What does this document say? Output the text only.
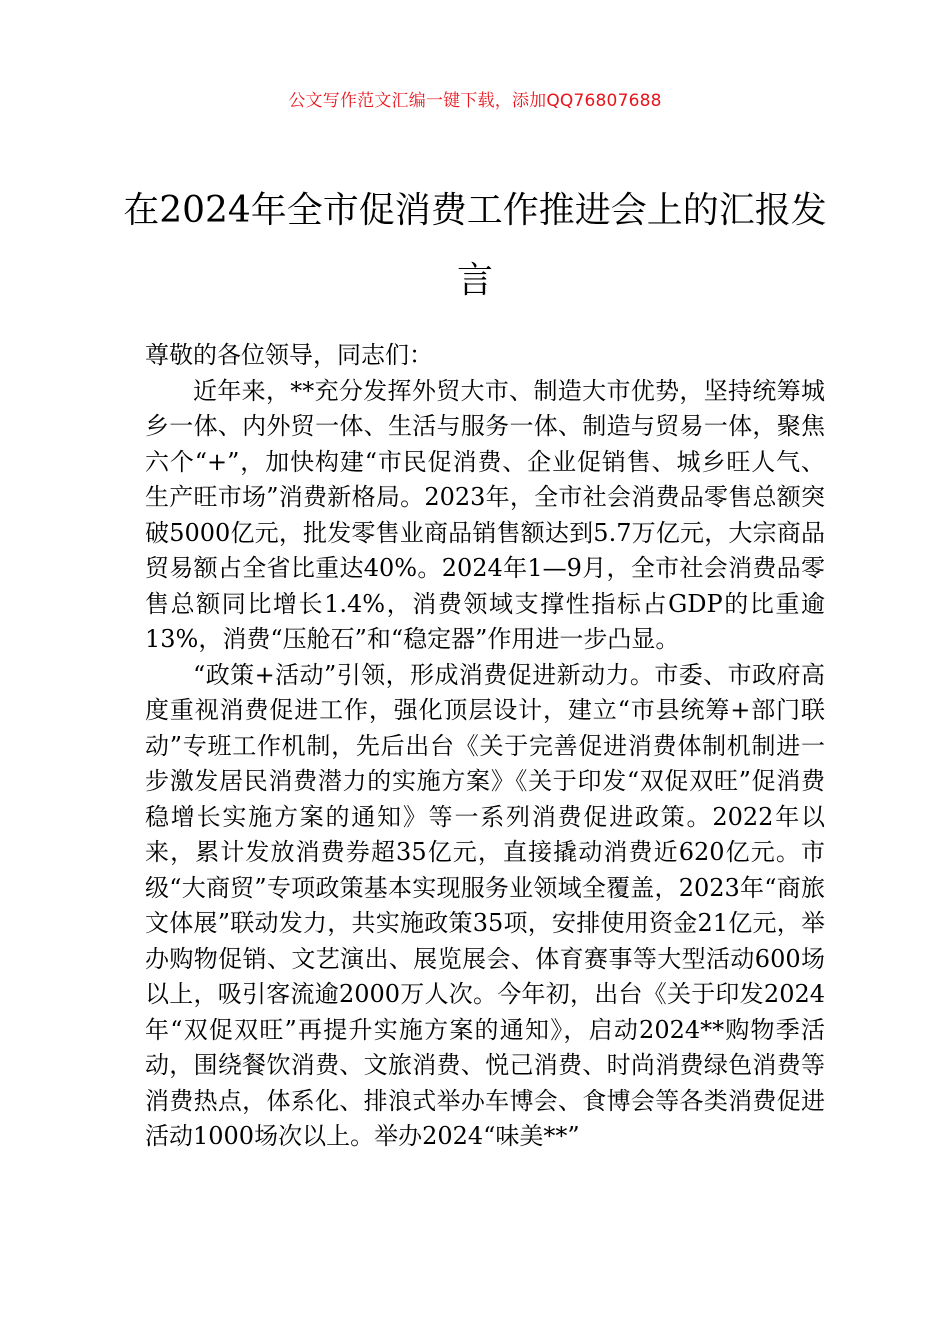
公文写作范文汇编一键下载，添加QQ76807688
在2024年全市促消费工作推进会上的汇报发言

尊敬的各位领导，同志们：

近年来，**充分发挥外贸大市、制造大市优势，坚持统筹城乡一体、内外贸一体、生活与服务一体、制造与贸易一体，聚焦六个“+”，加快构建“市民促消费、企业促销售、城乡旺人气、生产旺市场”消费新格局。2023年，全市社会消费品零售总额突破5000亿元，批发零售业商品销售额达到5.7万亿元，大宗商品贸易额占全省比重达40%。2024年1—9月，全市社会消费品零售总额同比增长1.4%，消费领域支撑性指标占GDP的比重逾13%，消费“压舱石”和“稳定器”作用进一步凸显。

“政策+活动”引领，形成消费促进新动力。市委、市政府高度重视消费促进工作，强化顶层设计，建立“市县统筹+部门联动”专班工作机制，先后出台《关于完善促进消费体制机制进一步激发居民消费潜力的实施方案》《关于印发“双促双旺”促消费稳增长实施方案的通知》等一系列消费促进政策。2022年以来，累计发放消费券超35亿元，直接撬动消费近620亿元。市级“大商贸”专项政策基本实现服务业领域全覆盖，2023年“商旅文体展”联动发力，共实施政策35项，安排使用资金21亿元，举办购物促销、文艺演出、展览展会、体育赛事等大型活动600场以上，吸引客流逾2000万人次。今年初，出台《关于印发2024年“双促双旺”再提升实施方案的通知》，启动2024**购物季活动，围绕餐饮消费、文旅消费、悦己消费、时尚消费绿色消费等消费热点，体系化、排浪式举办车博会、食博会等各类消费促进活动1000场次以上。举办2024“味美**”
